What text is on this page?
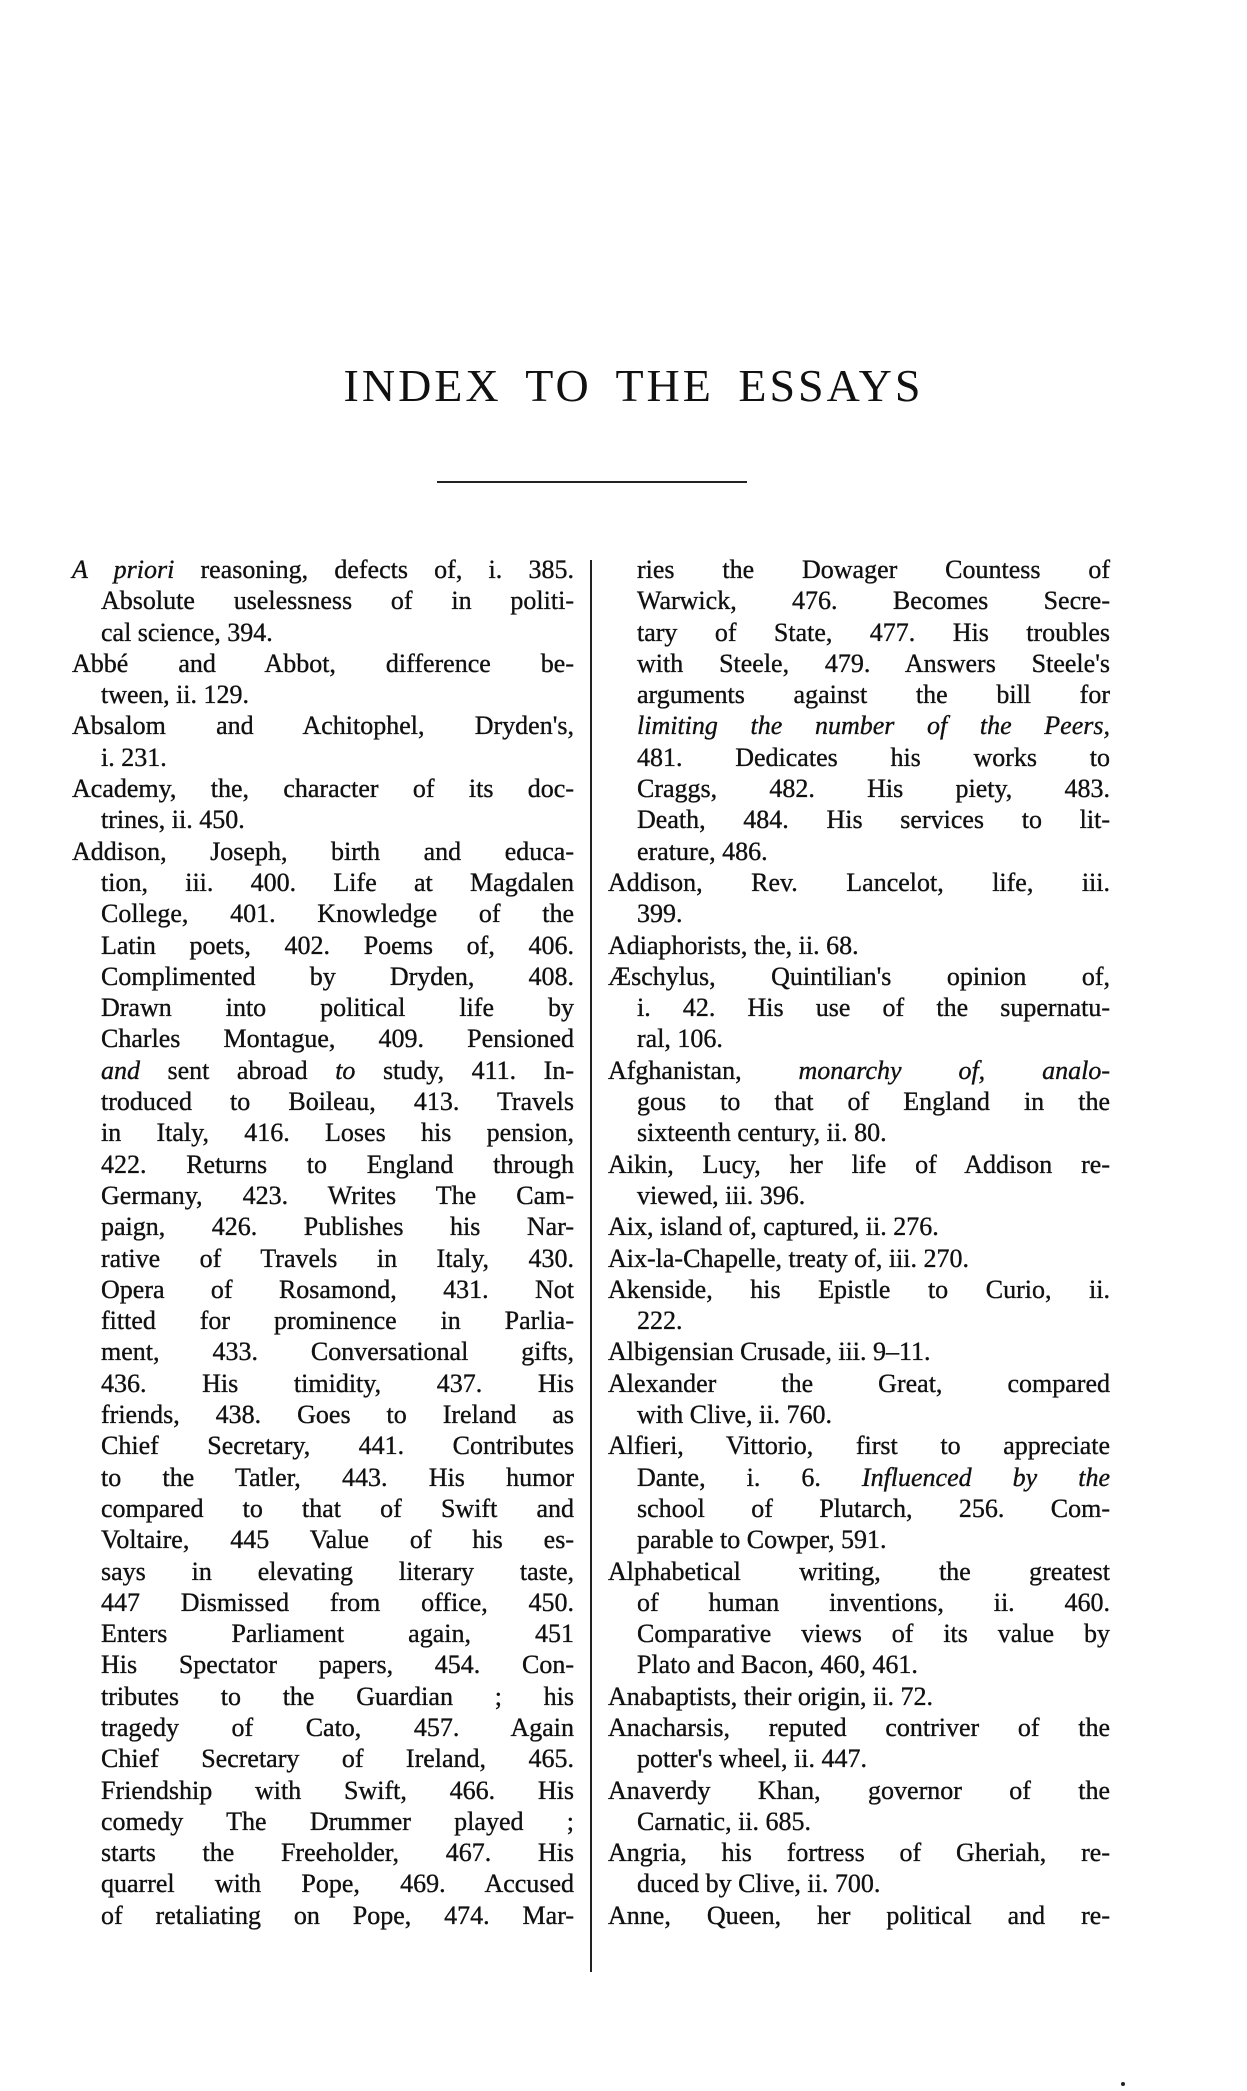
INDEX TO THE ESSAYS
A priori reasoning, defects of, i. 385.
Absolute uselessness of in politi-
cal science, 394.
Abbé and Abbot, difference be-
tween, ii. 129.
Absalom and Achitophel, Dryden's,
i. 231.
Academy, the, character of its doc-
trines, ii. 450.
Addison, Joseph, birth and educa-
tion, iii. 400. Life at Magdalen
College, 401. Knowledge of the
Latin poets, 402. Poems of, 406.
Complimented by Dryden, 408.
Drawn into political life by
Charles Montague, 409. Pensioned
and sent abroad to study, 411. In-
troduced to Boileau, 413. Travels
in Italy, 416. Loses his pension,
422. Returns to England through
Germany, 423. Writes The Cam-
paign, 426. Publishes his Nar-
rative of Travels in Italy, 430.
Opera of Rosamond, 431. Not
fitted for prominence in Parlia-
ment, 433. Conversational gifts,
436. His timidity, 437. His
friends, 438. Goes to Ireland as
Chief Secretary, 441. Contributes
to the Tatler, 443. His humor
compared to that of Swift and
Voltaire, 445 Value of his es-
says in elevating literary taste,
447 Dismissed from office, 450.
Enters Parliament again, 451
His Spectator papers, 454. Con-
tributes to the Guardian ; his
tragedy of Cato, 457. Again
Chief Secretary of Ireland, 465.
Friendship with Swift, 466. His
comedy The Drummer played ;
starts the Freeholder, 467. His
quarrel with Pope, 469. Accused
of retaliating on Pope, 474. Mar-
ries the Dowager Countess of
Warwick, 476. Becomes Secre-
tary of State, 477. His troubles
with Steele, 479. Answers Steele's
arguments against the bill for
limiting the number of the Peers,
481. Dedicates his works to
Craggs, 482. His piety, 483.
Death, 484. His services to lit-
erature, 486.
Addison, Rev. Lancelot, life, iii.
399.
Adiaphorists, the, ii. 68.
Æschylus, Quintilian's opinion of,
i. 42. His use of the supernatu-
ral, 106.
Afghanistan, monarchy of, analo-
gous to that of England in the
sixteenth century, ii. 80.
Aikin, Lucy, her life of Addison re-
viewed, iii. 396.
Aix, island of, captured, ii. 276.
Aix-la-Chapelle, treaty of, iii. 270.
Akenside, his Epistle to Curio, ii.
222.
Albigensian Crusade, iii. 9–11.
Alexander the Great, compared
with Clive, ii. 760.
Alfieri, Vittorio, first to appreciate
Dante, i. 6. Influenced by the
school of Plutarch, 256. Com-
parable to Cowper, 591.
Alphabetical writing, the greatest
of human inventions, ii. 460.
Comparative views of its value by
Plato and Bacon, 460, 461.
Anabaptists, their origin, ii. 72.
Anacharsis, reputed contriver of the
potter's wheel, ii. 447.
Anaverdy Khan, governor of the
Carnatic, ii. 685.
Angria, his fortress of Gheriah, re-
duced by Clive, ii. 700.
Anne, Queen, her political and re-
